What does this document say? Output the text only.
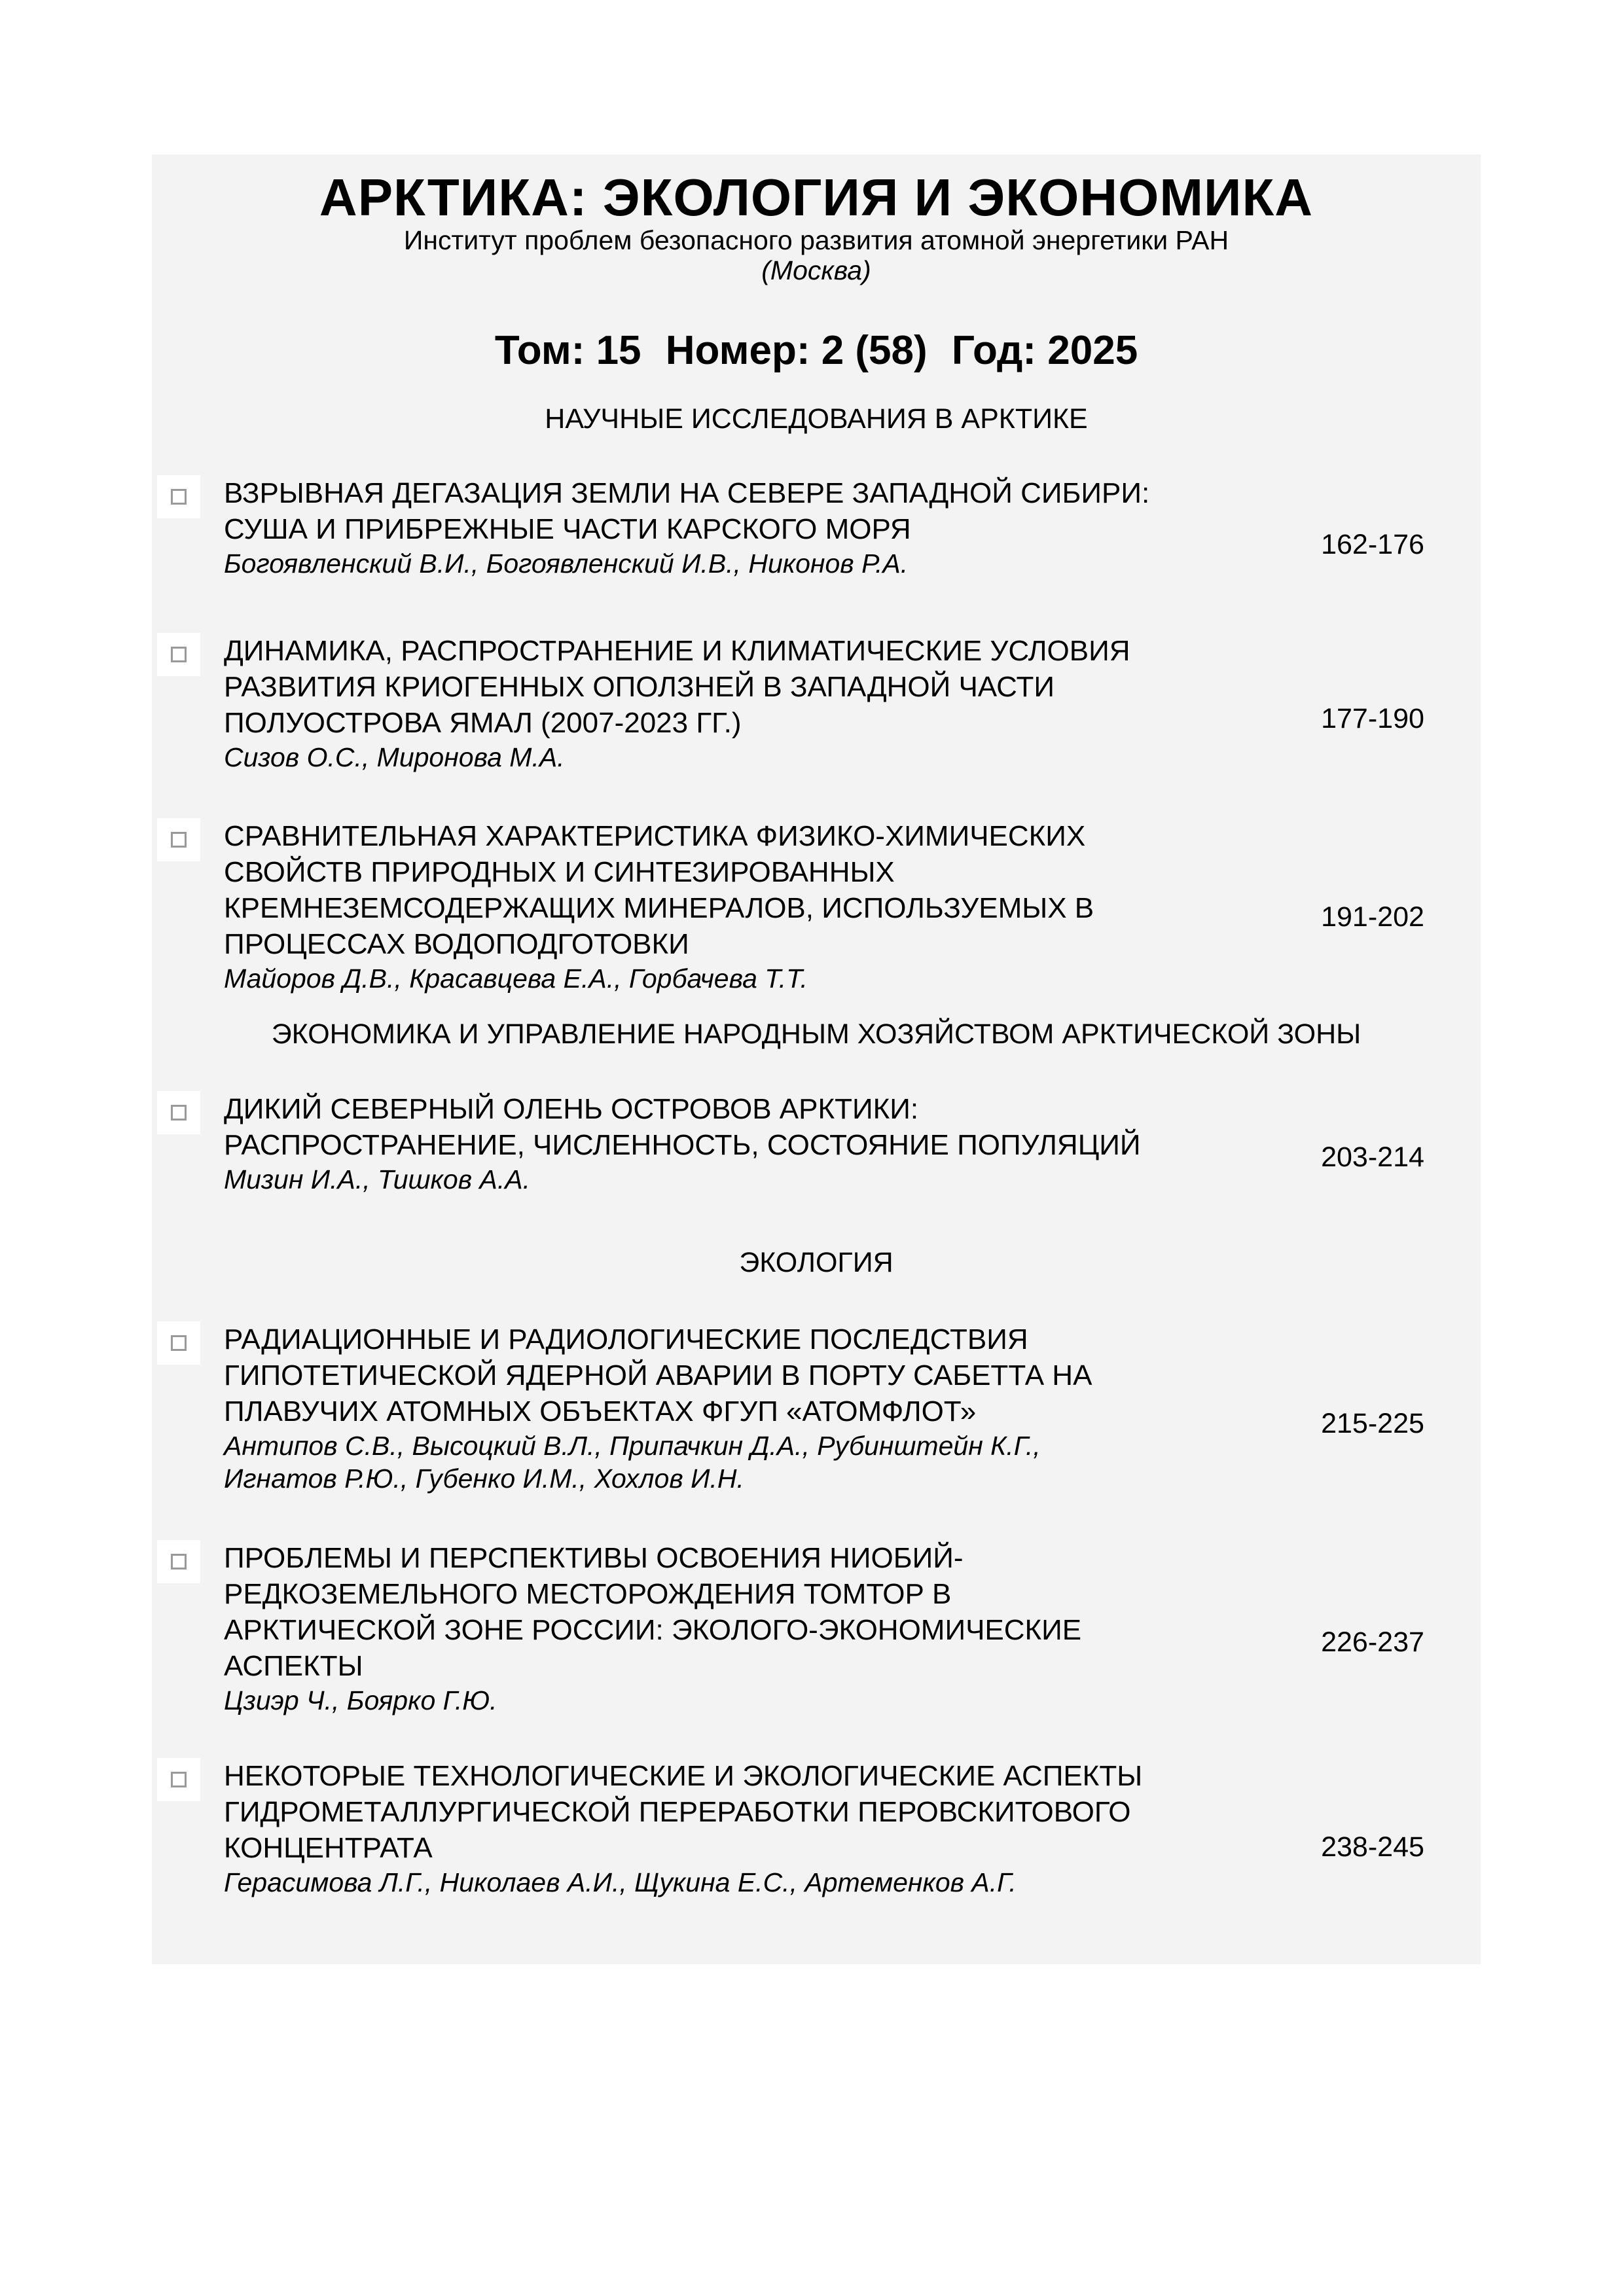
АРКТИКА: ЭКОЛОГИЯ И ЭКОНОМИКА
Институт проблем безопасного развития атомной энергетики РАН
(Москва)
Том: 15 Номер: 2 (58) Год: 2025
НАУЧНЫЕ ИССЛЕДОВАНИЯ В АРКТИКЕ
ВЗРЫВНАЯ ДЕГАЗАЦИЯ ЗЕМЛИ НА СЕВЕРЕ ЗАПАДНОЙ СИБИРИ:
СУША И ПРИБРЕЖНЫЕ ЧАСТИ КАРСКОГО МОРЯ
Богоявленский В.И., Богоявленский И.В., Никонов Р.А.
162-176
ДИНАМИКА, РАСПРОСТРАНЕНИЕ И КЛИМАТИЧЕСКИЕ УСЛОВИЯ
РАЗВИТИЯ КРИОГЕННЫХ ОПОЛЗНЕЙ В ЗАПАДНОЙ ЧАСТИ
ПОЛУОСТРОВА ЯМАЛ (2007-2023 ГГ.)
Сизов О.С., Миронова М.А.
177-190
СРАВНИТЕЛЬНАЯ ХАРАКТЕРИСТИКА ФИЗИКО-ХИМИЧЕСКИХ
СВОЙСТВ ПРИРОДНЫХ И СИНТЕЗИРОВАННЫХ
КРЕМНЕЗЕМСОДЕРЖАЩИХ МИНЕРАЛОВ, ИСПОЛЬЗУЕМЫХ В
ПРОЦЕССАХ ВОДОПОДГОТОВКИ
Майоров Д.В., Красавцева Е.А., Горбачева Т.Т.
191-202
ЭКОНОМИКА И УПРАВЛЕНИЕ НАРОДНЫМ ХОЗЯЙСТВОМ АРКТИЧЕСКОЙ ЗОНЫ
ДИКИЙ СЕВЕРНЫЙ ОЛЕНЬ ОСТРОВОВ АРКТИКИ:
РАСПРОСТРАНЕНИЕ, ЧИСЛЕННОСТЬ, СОСТОЯНИЕ ПОПУЛЯЦИЙ
Мизин И.А., Тишков А.А.
203-214
ЭКОЛОГИЯ
РАДИАЦИОННЫЕ И РАДИОЛОГИЧЕСКИЕ ПОСЛЕДСТВИЯ
ГИПОТЕТИЧЕСКОЙ ЯДЕРНОЙ АВАРИИ В ПОРТУ САБЕТТА НА
ПЛАВУЧИХ АТОМНЫХ ОБЪЕКТАХ ФГУП «АТОМФЛОТ»
Антипов С.В., Высоцкий В.Л., Припачкин Д.А., Рубинштейн К.Г.,
Игнатов Р.Ю., Губенко И.М., Хохлов И.Н.
215-225
ПРОБЛЕМЫ И ПЕРСПЕКТИВЫ ОСВОЕНИЯ НИОБИЙ-
РЕДКОЗЕМЕЛЬНОГО МЕСТОРОЖДЕНИЯ ТОМТОР В
АРКТИЧЕСКОЙ ЗОНЕ РОССИИ: ЭКОЛОГО-ЭКОНОМИЧЕСКИЕ
АСПЕКТЫ
Цзиэр Ч., Боярко Г.Ю.
226-237
НЕКОТОРЫЕ ТЕХНОЛОГИЧЕСКИЕ И ЭКОЛОГИЧЕСКИЕ АСПЕКТЫ
ГИДРОМЕТАЛЛУРГИЧЕСКОЙ ПЕРЕРАБОТКИ ПЕРОВСКИТОВОГО
КОНЦЕНТРАТА
Герасимова Л.Г., Николаев А.И., Щукина Е.С., Артеменков А.Г.
238-245
